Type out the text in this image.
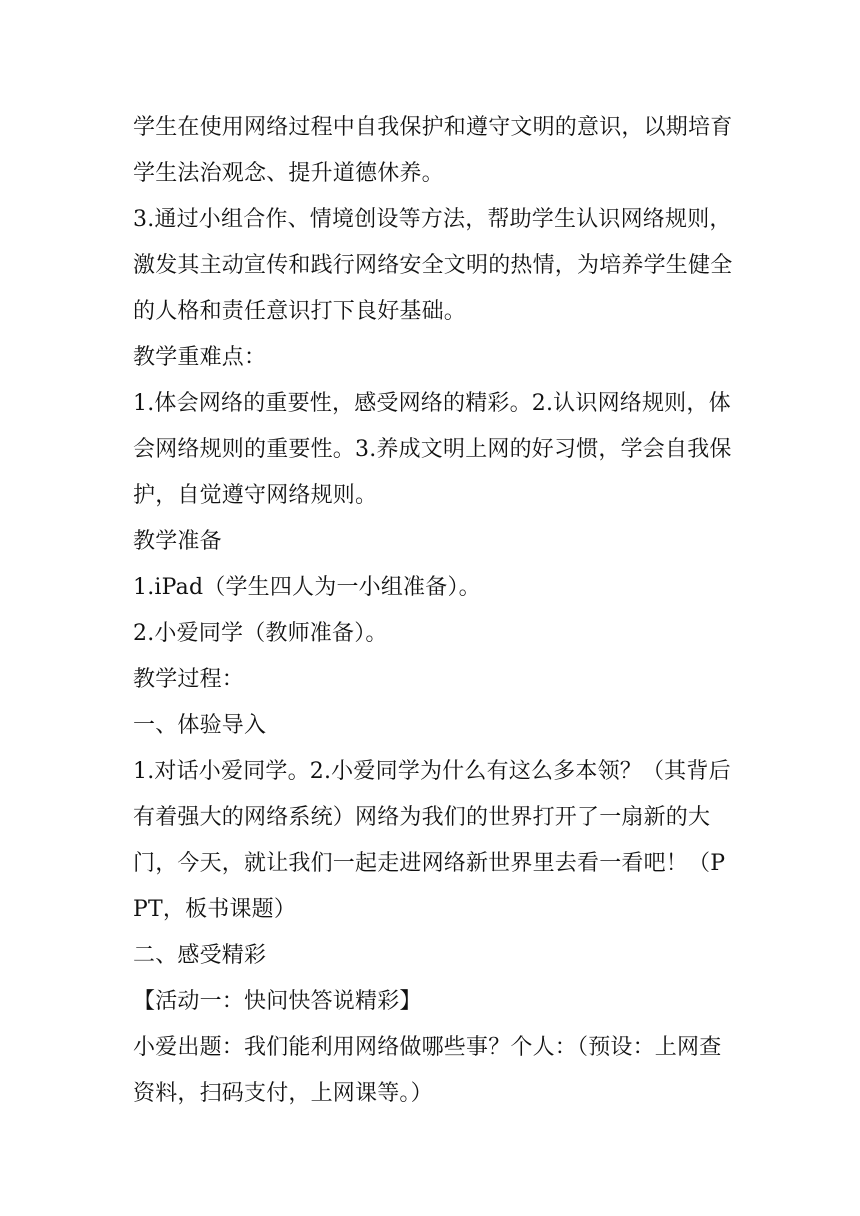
学生在使用网络过程中自我保护和遵守文明的意识，以期培育学生法治观念、提升道德休养。

3.通过小组合作、情境创设等方法，帮助学生认识网络规则，激发其主动宣传和践行网络安全文明的热情，为培养学生健全的人格和责任意识打下良好基础。

教学重难点：

1.体会网络的重要性，感受网络的精彩。2.认识网络规则，体会网络规则的重要性。3.养成文明上网的好习惯，学会自我保护，自觉遵守网络规则。

教学准备

1.iPad（学生四人为一小组准备）。

2.小爱同学（教师准备）。

教学过程：

一、体验导入

1.对话小爱同学。2.小爱同学为什么有这么多本领？（其背后有着强大的网络系统）网络为我们的世界打开了一扇新的大门，今天，就让我们一起走进网络新世界里去看一看吧！（PPT，板书课题）

二、感受精彩

【活动一：快问快答说精彩】

小爱出题：我们能利用网络做哪些事？个人：（预设：上网查资料，扫码支付，上网课等。）
